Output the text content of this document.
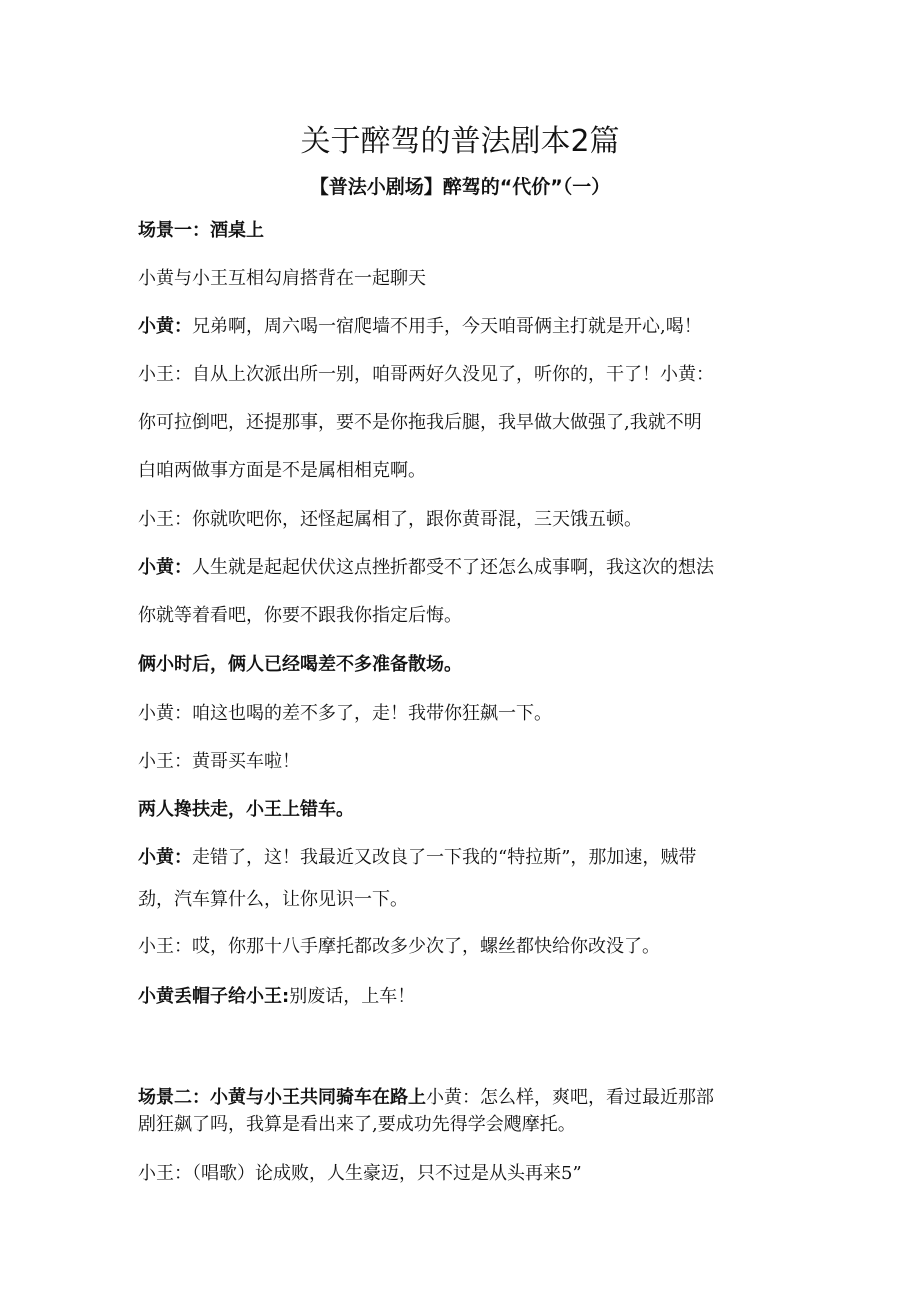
关于醉驾的普法剧本2篇
【普法小剧场】醉驾的“代价”（一）
场景一：酒桌上
小黄与小王互相勾肩搭背在一起聊天
小黄：兄弟啊，周六喝一宿爬墙不用手，今天咱哥俩主打就是开心,喝！
小王：自从上次派出所一别，咱哥两好久没见了，听你的，干了！小黄：
你可拉倒吧，还提那事，要不是你拖我后腿，我早做大做强了,我就不明
白咱两做事方面是不是属相相克啊。
小王：你就吹吧你，还怪起属相了，跟你黄哥混，三天饿五顿。
小黄：人生就是起起伏伏这点挫折都受不了还怎么成事啊，我这次的想法
你就等着看吧，你要不跟我你指定后悔。
俩小时后，俩人已经喝差不多准备散场。
小黄：咱这也喝的差不多了，走！我带你狂飙一下。
小王：黄哥买车啦！
两人搀扶走，小王上错车。
小黄：走错了，这！我最近又改良了一下我的“特拉斯”，那加速，贼带
劲，汽车算什么，让你见识一下。
小王：哎，你那十八手摩托都改多少次了，螺丝都快给你改没了。
小黄丢帽子给小王:别废话，上车！
场景二：小黄与小王共同骑车在路上小黄：怎么样，爽吧，看过最近那部
剧狂飙了吗，我算是看出来了,要成功先得学会飕摩托。
小王：（唱歌）论成败，人生豪迈，只不过是从头再来5”
